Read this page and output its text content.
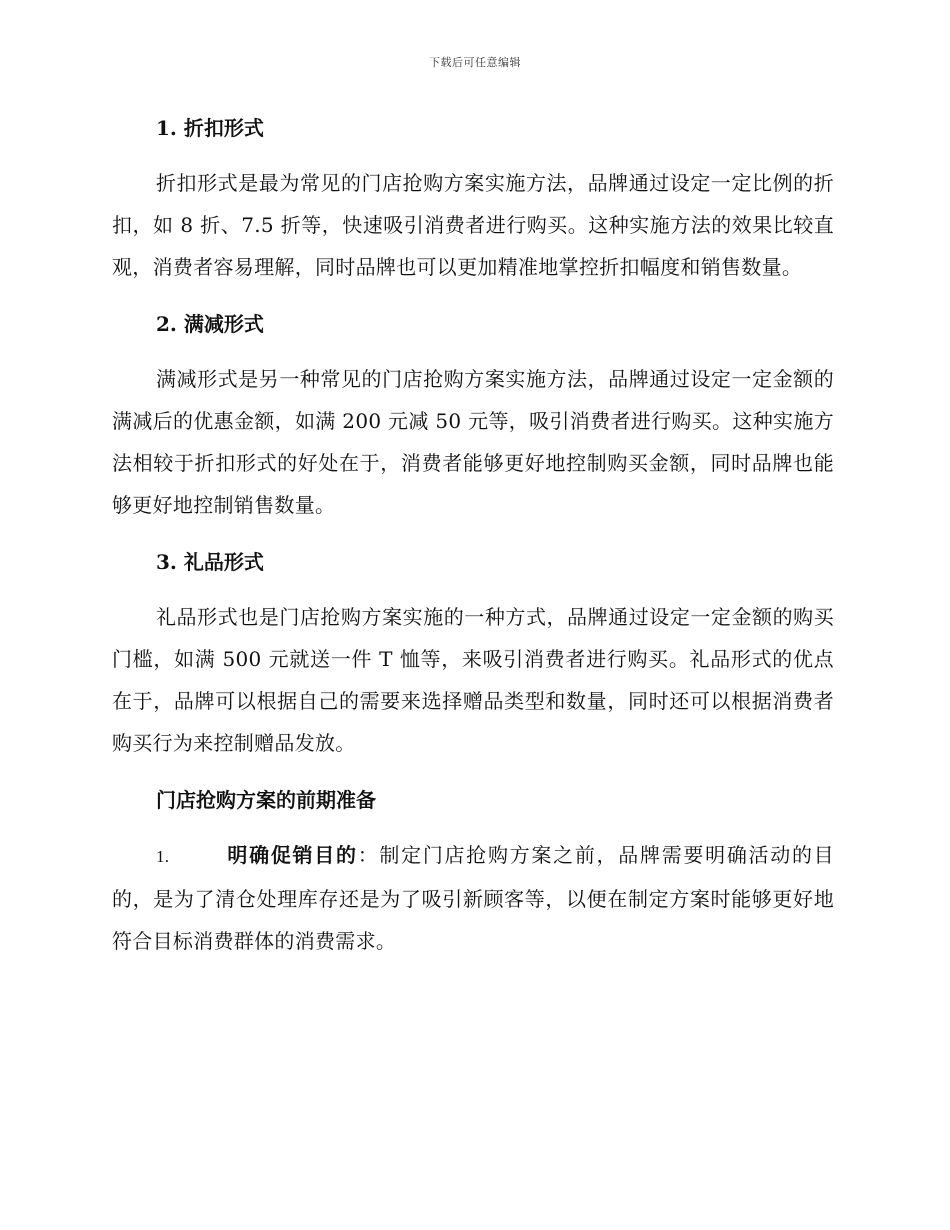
下载后可任意编辑
1. 折扣形式

折扣形式是最为常见的门店抢购方案实施方法，品牌通过设定一定比例的折扣，如 8 折、7.5 折等，快速吸引消费者进行购买。这种实施方法的效果比较直观，消费者容易理解，同时品牌也可以更加精准地掌控折扣幅度和销售数量。

2. 满减形式

满减形式是另一种常见的门店抢购方案实施方法，品牌通过设定一定金额的满减后的优惠金额，如满 200 元减 50 元等，吸引消费者进行购买。这种实施方法相较于折扣形式的好处在于，消费者能够更好地控制购买金额，同时品牌也能够更好地控制销售数量。

3. 礼品形式

礼品形式也是门店抢购方案实施的一种方式，品牌通过设定一定金额的购买门槛，如满 500 元就送一件 T 恤等，来吸引消费者进行购买。礼品形式的优点在于，品牌可以根据自己的需要来选择赠品类型和数量，同时还可以根据消费者购买行为来控制赠品发放。

门店抢购方案的前期准备

1.	明确促销目的：制定门店抢购方案之前，品牌需要明确活动的目的，是为了清仓处理库存还是为了吸引新顾客等，以便在制定方案时能够更好地符合目标消费群体的消费需求。
